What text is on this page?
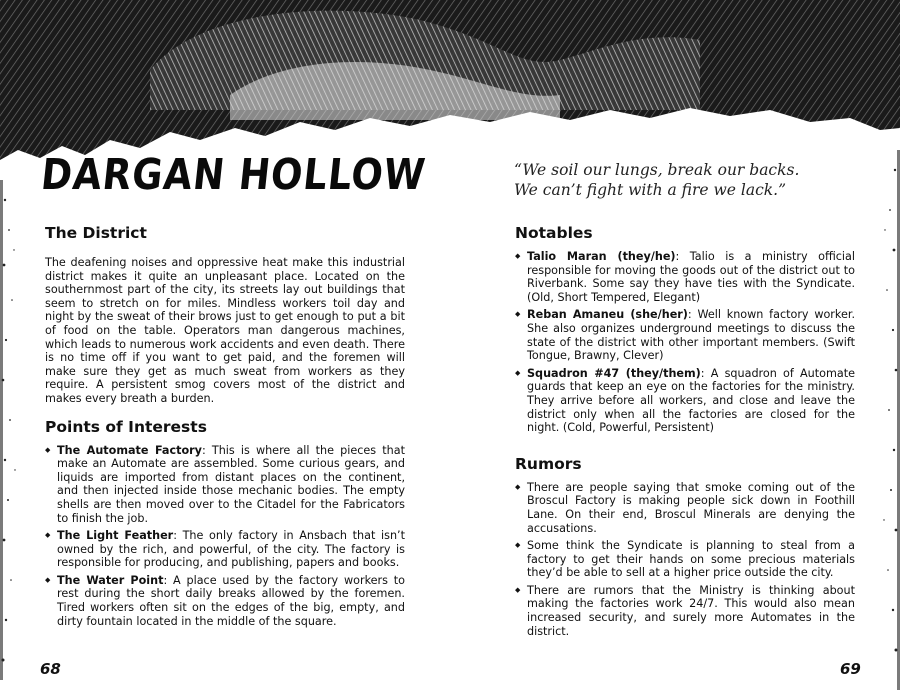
DARGAN HOLLOW	“We soil our lungs, break our backs.
We can’t fight with a fire we lack.”
The District

The deafening noises and oppressive heat make this industrial district makes it quite an unpleasant place. Located on the southernmost part of the city, its streets lay out buildings that seem to stretch on for miles. Mindless workers toil day and night by the sweat of their brows just to get enough to put a bit of food on the table. Operators man dangerous machines, which leads to numerous work accidents and even death. There is no time off if you want to get paid, and the foremen will make sure they get as much sweat from workers as they require. A persistent smog covers most of the district and makes every breath a burden.

Points of Interests
◆ The Automate Factory: This is where all the pieces that make an Automate are assembled. Some curious gears, and liquids are imported from distant places on the continent, and then injected inside those mechanic bodies. The empty shells are then moved over to the Citadel for the Fabricators to finish the job.
◆ The Light Feather: The only factory in Ansbach that isn’t owned by the rich, and powerful, of the city. The factory is responsible for producing, and publishing, papers and books.
◆ The Water Point: A place used by the factory workers to rest during the short daily breaks allowed by the foremen. Tired workers often sit on the edges of the big, empty, and dirty fountain located in the middle of the square.
Notables
◆ Talio Maran (they/he): Talio is a ministry official responsible for moving the goods out of the district out to Riverbank. Some say they have ties with the Syndicate. (Old, Short Tempered, Elegant)
◆ Reban Amaneu (she/her): Well known factory worker. She also organizes underground meetings to discuss the state of the district with other important members. (Swift Tongue, Brawny, Clever)
◆ Squadron #47 (they/them): A squadron of Automate guards that keep an eye on the factories for the ministry. They arrive before all workers, and close and leave the district only when all the factories are closed for the night. (Cold, Powerful, Persistent)
Rumors
◆ There are people saying that smoke coming out of the Broscul Factory is making people sick down in Foothill Lane. On their end, Broscul Minerals are denying the accusations.
◆ Some think the Syndicate is planning to steal from a factory to get their hands on some precious materials they’d be able to sell at a higher price outside the city.
◆ There are rumors that the Ministry is thinking about making the factories work 24/7. This would also mean increased security, and surely more Automates in the district.
68	69
